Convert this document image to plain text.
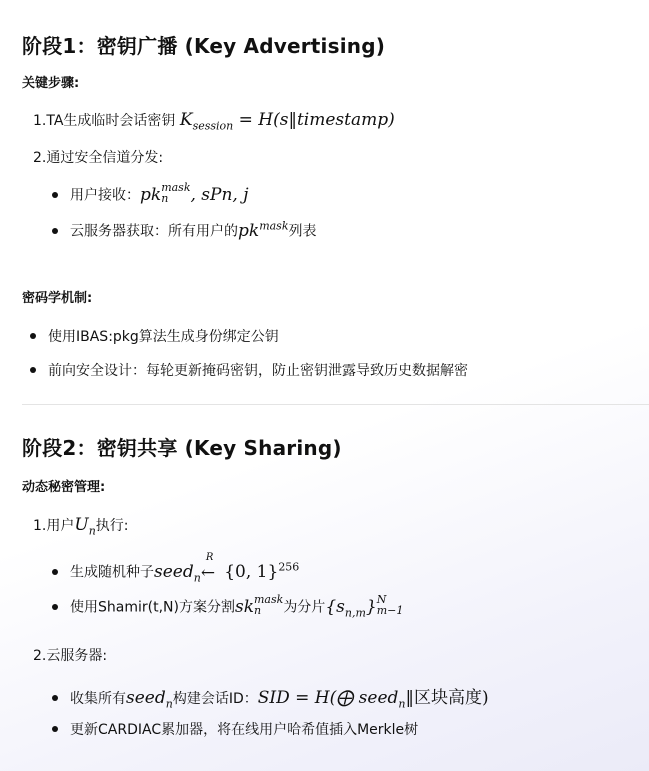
阶段1：密钥广播 (Key Advertising)
关键步骤:
1.TA生成临时会话密钥 $K_{session}$ = H(s‖timestamp)
2.通过安全信道分发:
用户接收：pk mask
n	, sPn, j
云服务器获取：所有用户的$pk^{mask}$列表
密码学机制:
使用IBAS:pkg算法生成身份绑定公钥
前向安全设计：每轮更新掩码密钥，防止密钥泄露导致历史数据解密
阶段2：密钥共享 (Key Sharing)
动态秘密管理:
1.用户$U_n$执行:
生成随机种子seed$_n$
R
← {0, 1}$^{256}$
使用Shamir(t,N)方案分割sk mask
n	为分片$\{s_{n,m}\}$ N
m−1
2.云服务器:
收集所有seed$_n$构建会话ID：SID = H(⨁ seed$_n$‖区块高度)
更新CARDIAC累加器，将在线用户哈希值插入Merkle树
